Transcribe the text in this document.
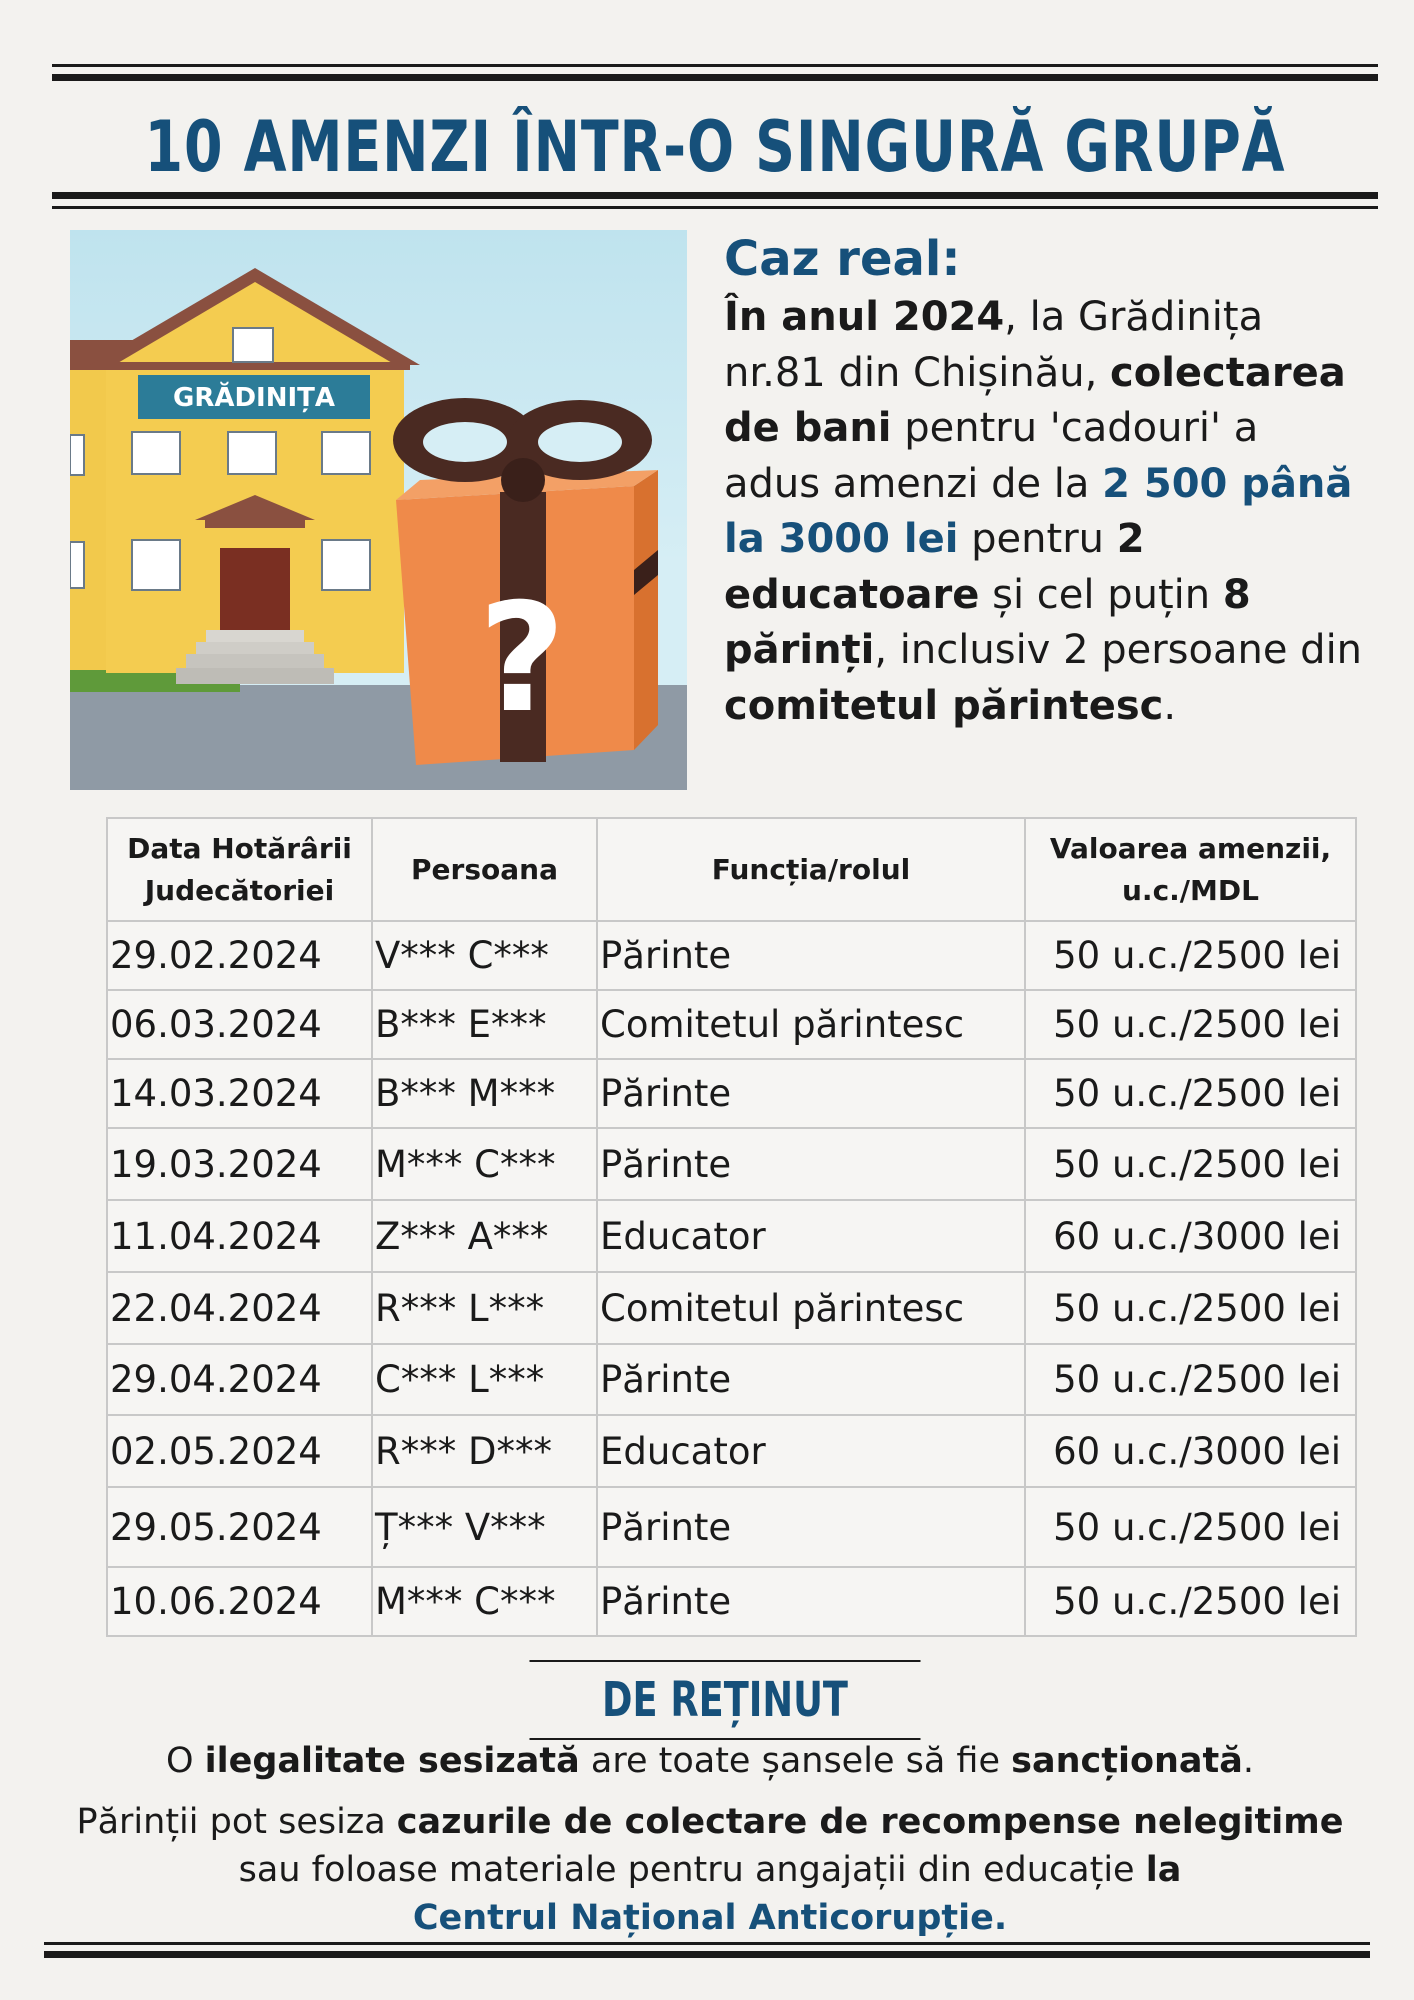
10 AMENZI ÎNTR-O SINGURĂ GRUPĂ
GRĂDINIȚA
?
Caz real:
În anul 2024, la Grădinița nr.81 din Chișinău, colectarea de bani pentru 'cadouri' a adus amenzi de la 2 500 până la 3000 lei pentru 2 educatoare și cel puțin 8 părinți, inclusiv 2 persoane din comitetul părintesc.
Data Hotărârii Judecătoriei	Persoana	Funcția/rolul	Valoarea amenzii, u.c./MDL
29.02.2024	V*** C***	Părinte	50 u.c./2500 lei
06.03.2024	B*** E***	Comitetul părintesc	50 u.c./2500 lei
14.03.2024	B*** M***	Părinte	50 u.c./2500 lei
19.03.2024	M*** C***	Părinte	50 u.c./2500 lei
11.04.2024	Z*** A***	Educator	60 u.c./3000 lei
22.04.2024	R*** L***	Comitetul părintesc	50 u.c./2500 lei
29.04.2024	C*** L***	Părinte	50 u.c./2500 lei
02.05.2024	R*** D***	Educator	60 u.c./3000 lei
29.05.2024	Ț*** V***	Părinte	50 u.c./2500 lei
10.06.2024	M*** C***	Părinte	50 u.c./2500 lei
DE REȚINUT
O ilegalitate sesizată are toate șansele să fie sancționată.
Părinții pot sesiza cazurile de colectare de recompense nelegitime sau foloase materiale pentru angajații din educație la
Centrul Național Anticorupție.
